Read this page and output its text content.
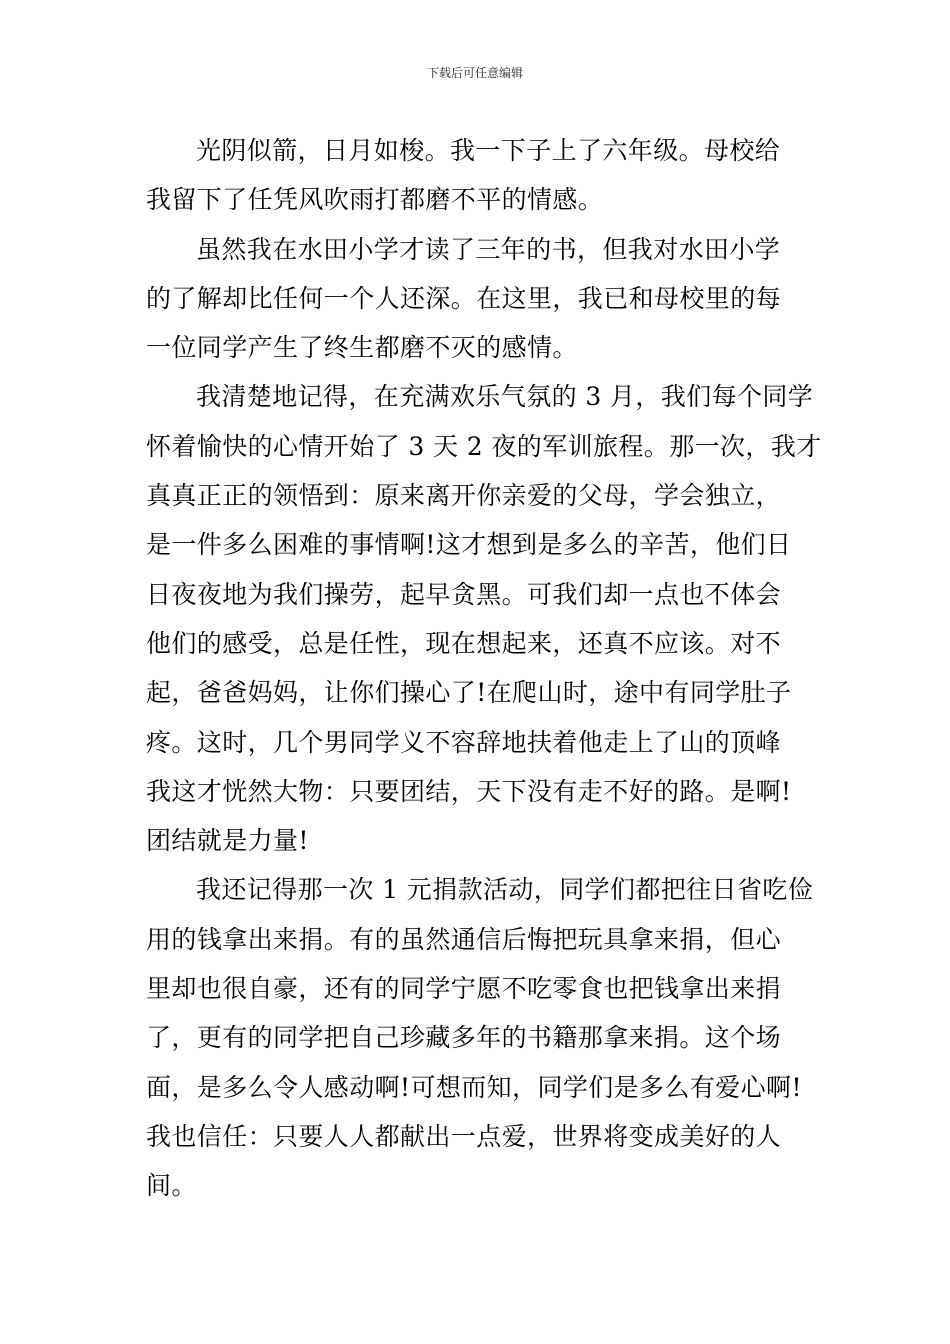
下载后可任意编辑

光阴似箭，日月如梭。我一下子上了六年级。母校给
我留下了任凭风吹雨打都磨不平的情感。

虽然我在水田小学才读了三年的书，但我对水田小学
的了解却比任何一个人还深。在这里，我已和母校里的每
一位同学产生了终生都磨不灭的感情。

我清楚地记得，在充满欢乐气氛的 3 月，我们每个同学
怀着愉快的心情开始了 3 天 2 夜的军训旅程。那一次，我才
真真正正的领悟到：原来离开你亲爱的父母，学会独立，
是一件多么困难的事情啊!这才想到是多么的辛苦，他们日
日夜夜地为我们操劳，起早贪黑。可我们却一点也不体会
他们的感受，总是任性，现在想起来，还真不应该。对不
起，爸爸妈妈，让你们操心了!在爬山时，途中有同学肚子
疼。这时，几个男同学义不容辞地扶着他走上了山的顶峰
我这才恍然大物：只要团结，天下没有走不好的路。是啊!
团结就是力量!

我还记得那一次 1 元捐款活动，同学们都把往日省吃俭
用的钱拿出来捐。有的虽然通信后悔把玩具拿来捐，但心
里却也很自豪，还有的同学宁愿不吃零食也把钱拿出来捐
了，更有的同学把自己珍藏多年的书籍那拿来捐。这个场
面，是多么令人感动啊!可想而知，同学们是多么有爱心啊!
我也信任：只要人人都献出一点爱，世界将变成美好的人
间。
